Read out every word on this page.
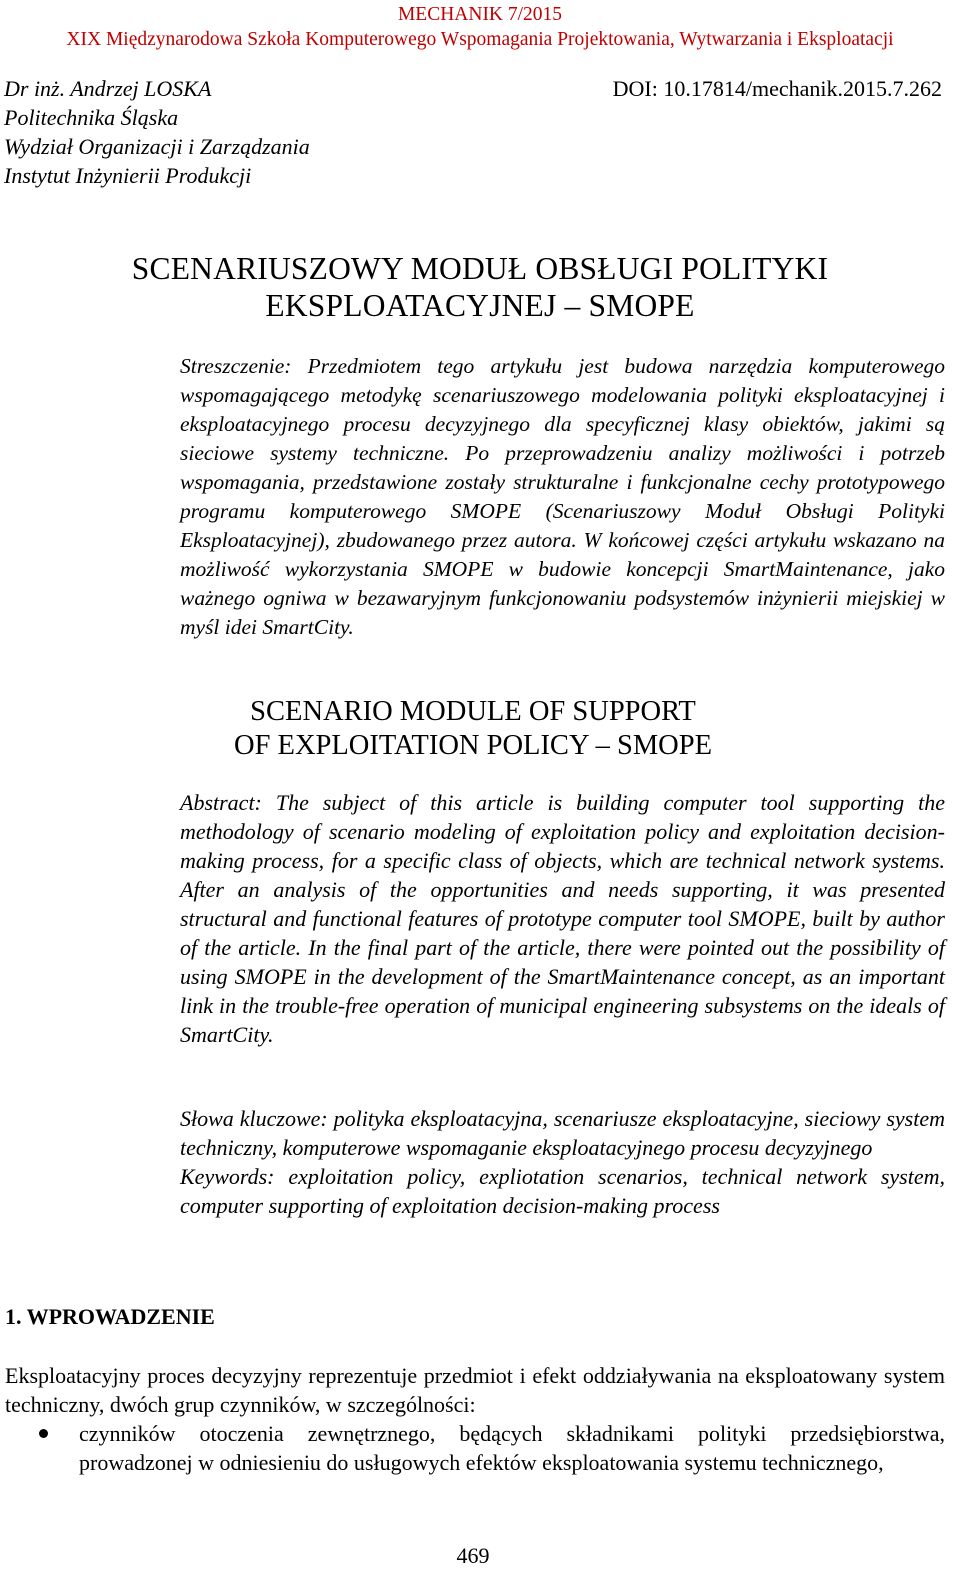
MECHANIK 7/2015
XIX Międzynarodowa Szkoła Komputerowego Wspomagania Projektowania, Wytwarzania i Eksploatacji
Dr inż. Andrzej LOSKA
Politechnika Śląska
Wydział Organizacji i Zarządzania
Instytut Inżynierii Produkcji
DOI: 10.17814/mechanik.2015.7.262
SCENARIUSZOWY MODUŁ OBSŁUGI POLITYKI
EKSPLOATACYJNEJ – SMOPE
Streszczenie: Przedmiotem tego artykułu jest budowa narzędzia komputerowego wspomagającego metodykę scenariuszowego modelowania polityki eksploatacyjnej i eksploatacyjnego procesu decyzyjnego dla specyficznej klasy obiektów, jakimi są sieciowe systemy techniczne. Po przeprowadzeniu analizy możliwości i potrzeb wspomagania, przedstawione zostały strukturalne i funkcjonalne cechy prototypowego programu komputerowego SMOPE (Scenariuszowy Moduł Obsługi Polityki Eksploatacyjnej), zbudowanego przez autora. W końcowej części artykułu wskazano na możliwość wykorzystania SMOPE w budowie koncepcji SmartMaintenance, jako ważnego ogniwa w bezawaryjnym funkcjonowaniu podsystemów inżynierii miejskiej w myśl idei SmartCity.
SCENARIO MODULE OF SUPPORT
OF EXPLOITATION POLICY – SMOPE
Abstract: The subject of this article is building computer tool supporting the methodology of scenario modeling of exploitation policy and exploitation decision-making process, for a specific class of objects, which are technical network systems. After an analysis of the opportunities and needs supporting, it was presented structural and functional features of prototype computer tool SMOPE, built by author of the article. In the final part of the article, there were pointed out the possibility of using SMOPE in the development of the SmartMaintenance concept, as an important link in the trouble-free operation of municipal engineering subsystems on the ideals of SmartCity.

Słowa kluczowe: polityka eksploatacyjna, scenariusze eksploatacyjne, sieciowy system techniczny, komputerowe wspomaganie eksploatacyjnego procesu decyzyjnego

Keywords: exploitation policy, expliotation scenarios, technical network system, computer supporting of exploitation decision-making process

1. WPROWADZENIE

Eksploatacyjny proces decyzyjny reprezentuje przedmiot i efekt oddziaływania na eksploatowany system techniczny, dwóch grup czynników, w szczególności:

czynników otoczenia zewnętrznego, będących składnikami polityki przedsiębiorstwa, prowadzonej w odniesieniu do usługowych efektów eksploatowania systemu technicznego,
469
